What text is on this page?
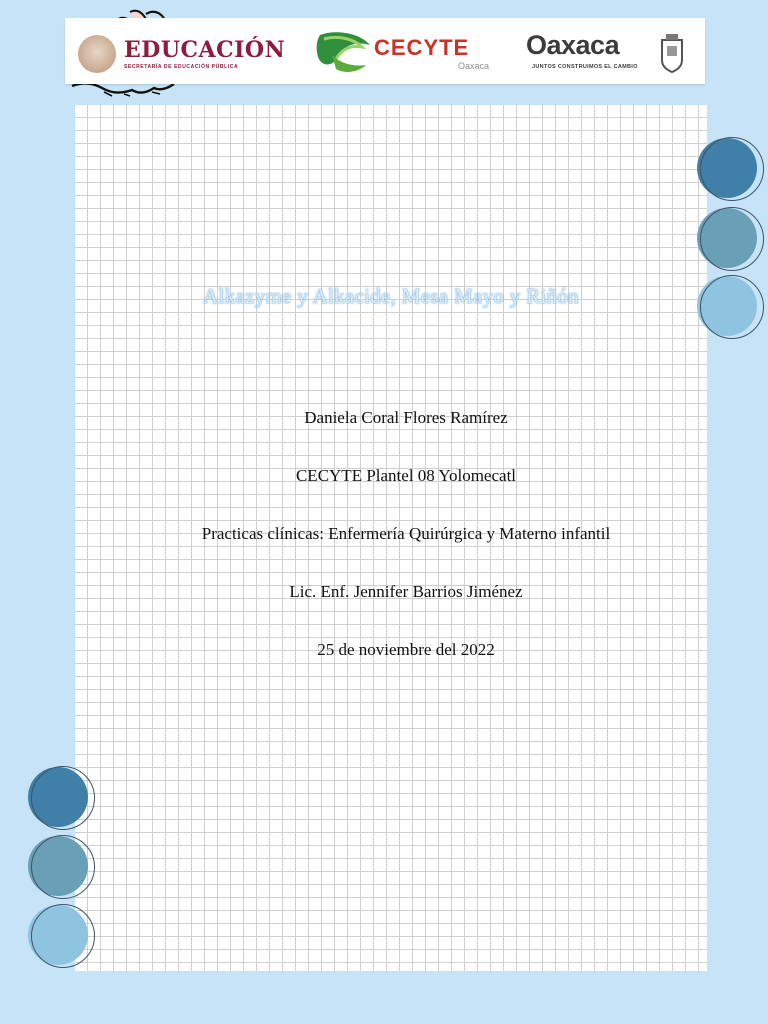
EDUCACIÓN
SECRETARÍA DE EDUCACIÓN PÚBLICA
CECYTE
Oaxaca
Oaxaca
JUNTOS CONSTRUIMOS EL CAMBIO
Alkazyme y Alkacide, Mesa Mayo y Riñón
Daniela Coral Flores Ramírez
CECYTE Plantel 08 Yolomecatl
Practicas clínicas: Enfermería Quirúrgica y Materno infantil
Lic. Enf. Jennifer Barrios Jiménez
25 de noviembre del 2022
